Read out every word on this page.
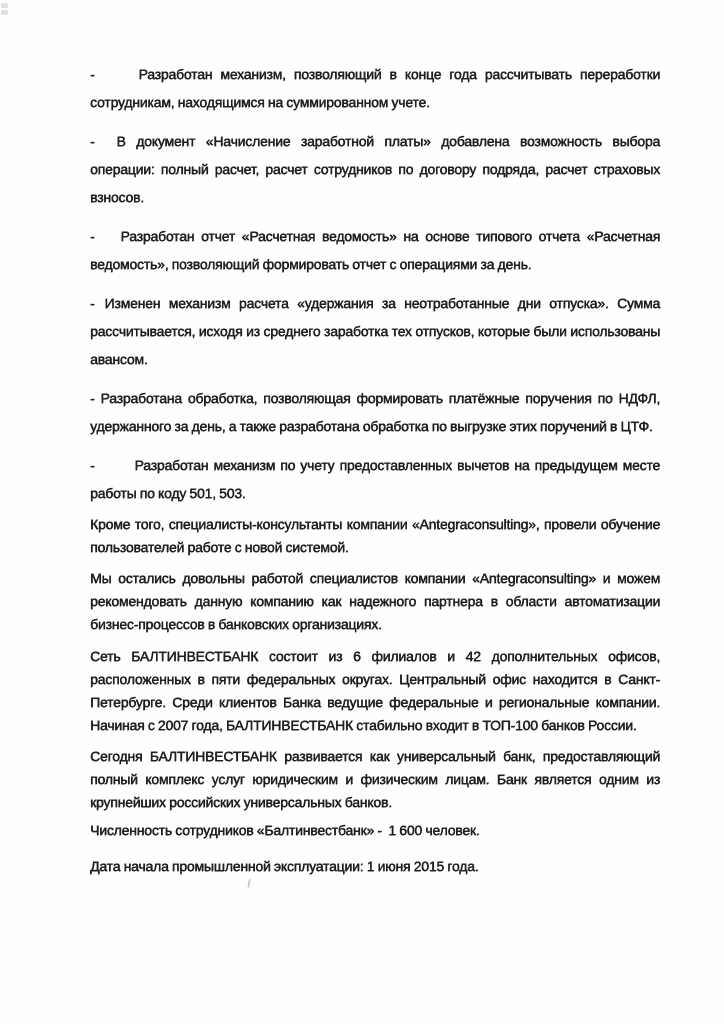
-	Разработан механизм, позволяющий в конце года рассчитывать переработки
сотрудникам, находящимся на суммированном учете.
- В документ «Начисление заработной платы» добавлена возможность выбора
операции: полный расчет, расчет сотрудников по договору подряда, расчет страховых
взносов.
- Разработан отчет «Расчетная ведомость» на основе типового отчета «Расчетная
ведомость», позволяющий формировать отчет с операциями за день.
- Изменен механизм расчета «удержания за неотработанные дни отпуска». Сумма
рассчитывается, исходя из среднего заработка тех отпусков, которые были использованы
авансом.
- Разработана обработка, позволяющая формировать платёжные поручения по НДФЛ,
удержанного за день, а также разработана обработка по выгрузке этих поручений в ЦТФ.
-	Разработан механизм по учету предоставленных вычетов на предыдущем месте
работы по коду 501, 503.
Кроме того, специалисты-консультанты компании «Antegraconsulting», провели обучение
пользователей работе с новой системой.
Мы остались довольны работой специалистов компании «Antegraconsulting» и можем
рекомендовать данную компанию как надежного партнера в области автоматизации
бизнес-процессов в банковских организациях.
Сеть БАЛТИНВЕСТБАНК состоит из 6 филиалов и 42 дополнительных офисов,
расположенных в пяти федеральных округах. Центральный офис находится в Санкт-
Петербурге. Среди клиентов Банка ведущие федеральные и региональные компании.
Начиная с 2007 года, БАЛТИНВЕСТБАНК стабильно входит в ТОП-100 банков России.
Сегодня БАЛТИНВЕСТБАНК развивается как универсальный банк, предоставляющий
полный комплекс услуг юридическим и физическим лицам. Банк является одним из
крупнейших российских универсальных банков.
Численность сотрудников «Балтинвестбанк» -  1 600 человек.
Дата начала промышленной эксплуатации: 1 июня 2015 года.
